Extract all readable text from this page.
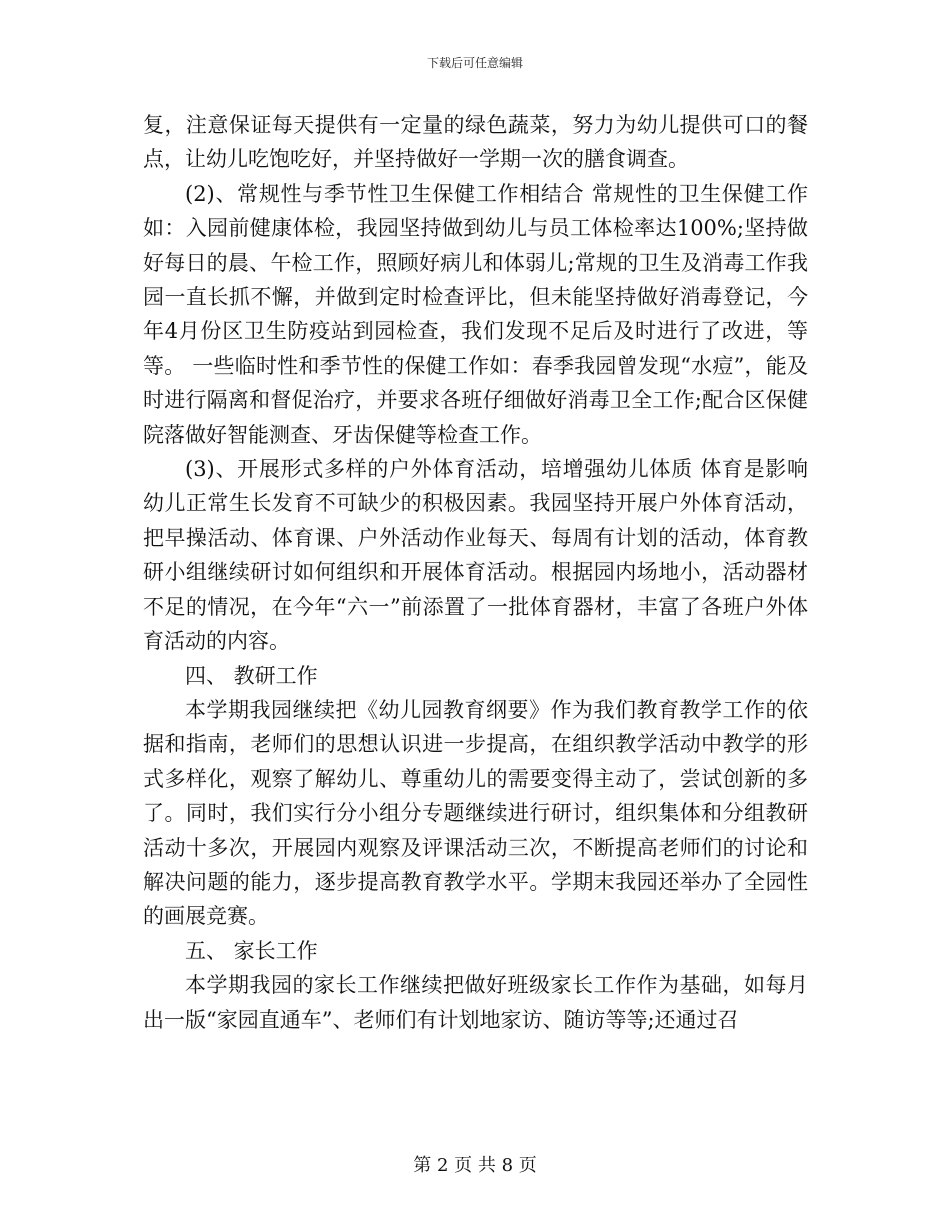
下载后可任意编辑

复，注意保证每天提供有一定量的绿色蔬菜，努力为幼儿提供可口的餐点，让幼儿吃饱吃好，并坚持做好一学期一次的膳食调查。

(2)、常规性与季节性卫生保健工作相结合 常规性的卫生保健工作如：入园前健康体检，我园坚持做到幼儿与员工体检率达100%;坚持做好每日的晨、午检工作，照顾好病儿和体弱儿;常规的卫生及消毒工作我园一直长抓不懈，并做到定时检查评比，但未能坚持做好消毒登记，今年4月份区卫生防疫站到园检查，我们发现不足后及时进行了改进，等等。 一些临时性和季节性的保健工作如：春季我园曾发现“水痘”，能及时进行隔离和督促治疗，并要求各班仔细做好消毒卫全工作;配合区保健院落做好智能测查、牙齿保健等检查工作。

(3)、开展形式多样的户外体育活动，培增强幼儿体质 体育是影响幼儿正常生长发育不可缺少的积极因素。我园坚持开展户外体育活动，把早操活动、体育课、户外活动作业每天、每周有计划的活动，体育教研小组继续研讨如何组织和开展体育活动。根据园内场地小，活动器材不足的情况，在今年“六一”前添置了一批体育器材，丰富了各班户外体育活动的内容。

四、 教研工作

本学期我园继续把《幼儿园教育纲要》作为我们教育教学工作的依据和指南，老师们的思想认识进一步提高，在组织教学活动中教学的形式多样化，观察了解幼儿、尊重幼儿的需要变得主动了，尝试创新的多了。同时，我们实行分小组分专题继续进行研讨，组织集体和分组教研活动十多次，开展园内观察及评课活动三次，不断提高老师们的讨论和解决问题的能力，逐步提高教育教学水平。学期末我园还举办了全园性的画展竞赛。

五、 家长工作

本学期我园的家长工作继续把做好班级家长工作作为基础，如每月出一版“家园直通车”、老师们有计划地家访、随访等等;还通过召

第 2 页 共 8 页
